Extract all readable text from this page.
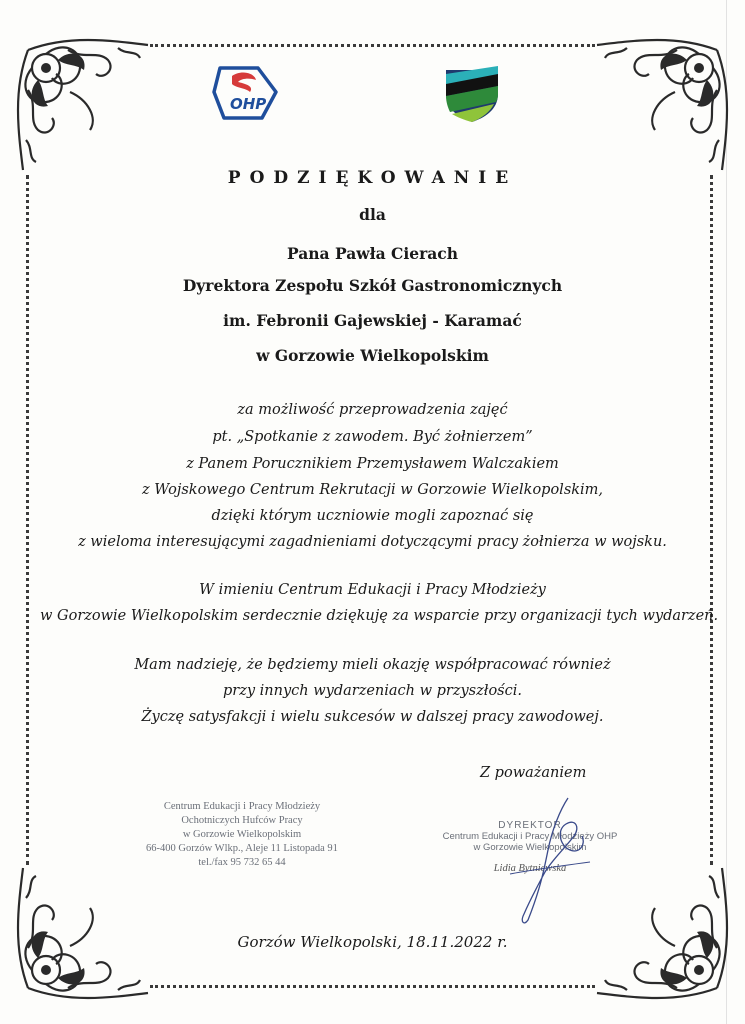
OHP
PODZIĘKOWANIE
dla
Pana Pawła Cierach
Dyrektora Zespołu Szkół Gastronomicznych
im. Febronii Gajewskiej - Karamać
w Gorzowie Wielkopolskim
za możliwość przeprowadzenia zajęć
pt. „Spotkanie z zawodem. Być żołnierzem”
z Panem Porucznikiem Przemysławem Walczakiem
z Wojskowego Centrum Rekrutacji w Gorzowie Wielkopolskim,
dzięki którym uczniowie mogli zapoznać się
z wieloma interesującymi zagadnieniami dotyczącymi pracy żołnierza w wojsku.
W imieniu Centrum Edukacji i Pracy Młodzieży
w Gorzowie Wielkopolskim serdecznie dziękuję za wsparcie przy organizacji tych wydarzeń.
Mam nadzieję, że będziemy mieli okazję współpracować również
przy innych wydarzeniach w przyszłości.
Życzę satysfakcji i wielu sukcesów w dalszej pracy zawodowej.
Z poważaniem
Centrum Edukacji i Pracy Młodzieży
Ochotniczych Hufców Pracy
w Gorzowie Wielkopolskim
66-400 Gorzów Wlkp., Aleje 11 Listopada 91
tel./fax 95 732 65 44
DYREKTOR
Centrum Edukacji i Pracy Młodzieży OHP
w Gorzowie Wielkopolskim
Lidia Bytniewska
Gorzów Wielkopolski, 18.11.2022 r.
